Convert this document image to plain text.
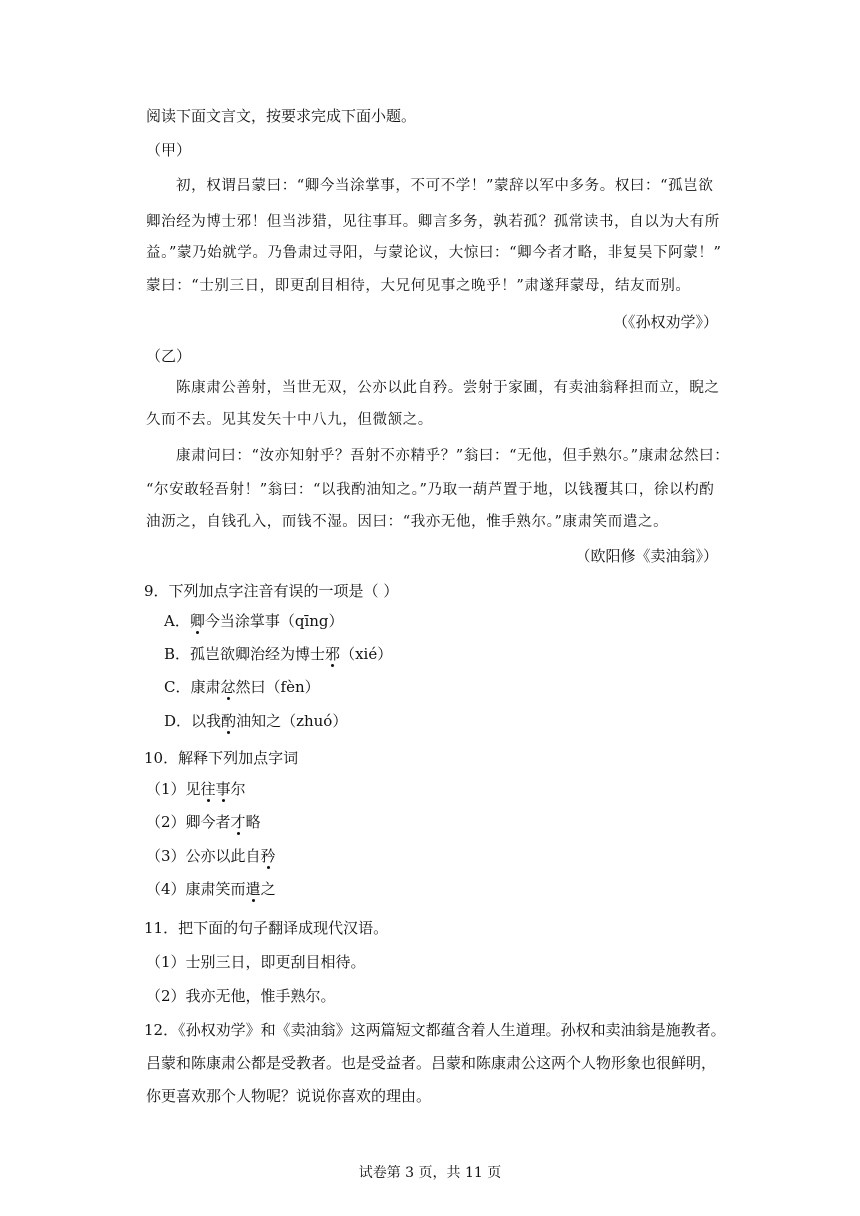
阅读下面文言文，按要求完成下面小题。
（甲）
初，权谓吕蒙曰：“卿今当涂掌事，不可不学！”蒙辞以军中多务。权曰：“孤岂欲
卿治经为博士邪！但当涉猎，见往事耳。卿言多务，孰若孤？孤常读书，自以为大有所
益。”蒙乃始就学。乃鲁肃过寻阳，与蒙论议，大惊曰：“卿今者才略，非复吴下阿蒙！”
蒙曰：“士别三日，即更刮目相待，大兄何见事之晚乎！”肃遂拜蒙母，结友而别。
（《孙权劝学》）
（乙）
陈康肃公善射，当世无双，公亦以此自矜。尝射于家圃，有卖油翁释担而立，睨之
久而不去。见其发矢十中八九，但微颔之。
康肃问曰：“汝亦知射乎？吾射不亦精乎？”翁曰：“无他，但手熟尔。”康肃忿然曰：
“尔安敢轻吾射！”翁曰：“以我酌油知之。”乃取一葫芦置于地，以钱覆其口，徐以杓酌
油沥之，自钱孔入，而钱不湿。因曰：“我亦无他，惟手熟尔。”康肃笑而遣之。
（欧阳修《卖油翁》）
9．下列加点字注音有误的一项是（ ）
A．卿今当涂掌事（qīng）
B．孤岂欲卿治经为博士邪（xié）
C．康肃忿然曰（fèn）
D．以我酌油知之（zhuó）
10．解释下列加点字词
（1）见往事尔
（2）卿今者才略
（3）公亦以此自矜
（4）康肃笑而遣之
11．把下面的句子翻译成现代汉语。
（1）士别三日，即更刮目相待。
（2）我亦无他，惟手熟尔。
12．《孙权劝学》和《卖油翁》这两篇短文都蕴含着人生道理。孙权和卖油翁是施教者。
吕蒙和陈康肃公都是受教者。也是受益者。吕蒙和陈康肃公这两个人物形象也很鲜明，
你更喜欢那个人物呢？说说你喜欢的理由。
试卷第 3 页，共 11 页
